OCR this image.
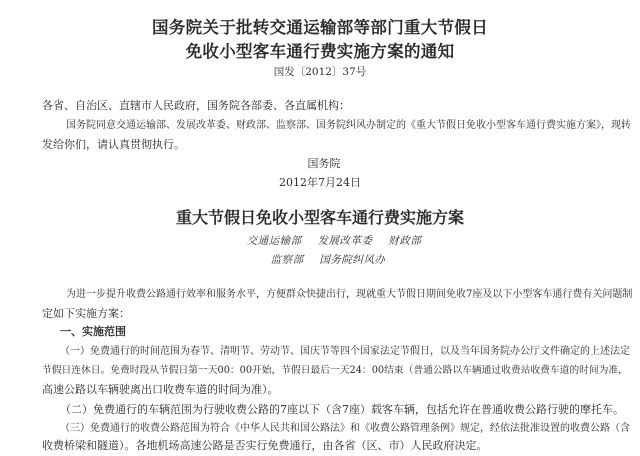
国务院关于批转交通运输部等部门重大节假日
免收小型客车通行费实施方案的通知
国发〔2012〕37号

各省、自治区、直辖市人民政府，国务院各部委、各直属机构：

国务院同意交通运输部、发展改革委、财政部、监察部、国务院纠风办制定的《重大节假日免收小型客车通行费实施方案》，现转

发给你们，请认真贯彻执行。

国务院
2012年7月24日
重大节假日免收小型客车通行费实施方案
交通运输部 发展改革委 财政部
监察部 国务院纠风办

为进一步提升收费公路通行效率和服务水平，方便群众快捷出行，现就重大节假日期间免收7座及以下小型客车通行费有关问题制

定如下实施方案：

一、实施范围

（一）免费通行的时间范围为春节、清明节、劳动节、国庆节等四个国家法定节假日，以及当年国务院办公厅文件确定的上述法定

节假日连休日。免费时段从节假日第一天00：00开始，节假日最后一天24：00结束（普通公路以车辆通过收费站收费车道的时间为准，

高速公路以车辆驶离出口收费车道的时间为准）。

（二）免费通行的车辆范围为行驶收费公路的7座以下（含7座）载客车辆，包括允许在普通收费公路行驶的摩托车。

（三）免费通行的收费公路范围为符合《中华人民共和国公路法》和《收费公路管理条例》规定，经依法批准设置的收费公路（含

收费桥梁和隧道）。各地机场高速公路是否实行免费通行，由各省（区、市）人民政府决定。
